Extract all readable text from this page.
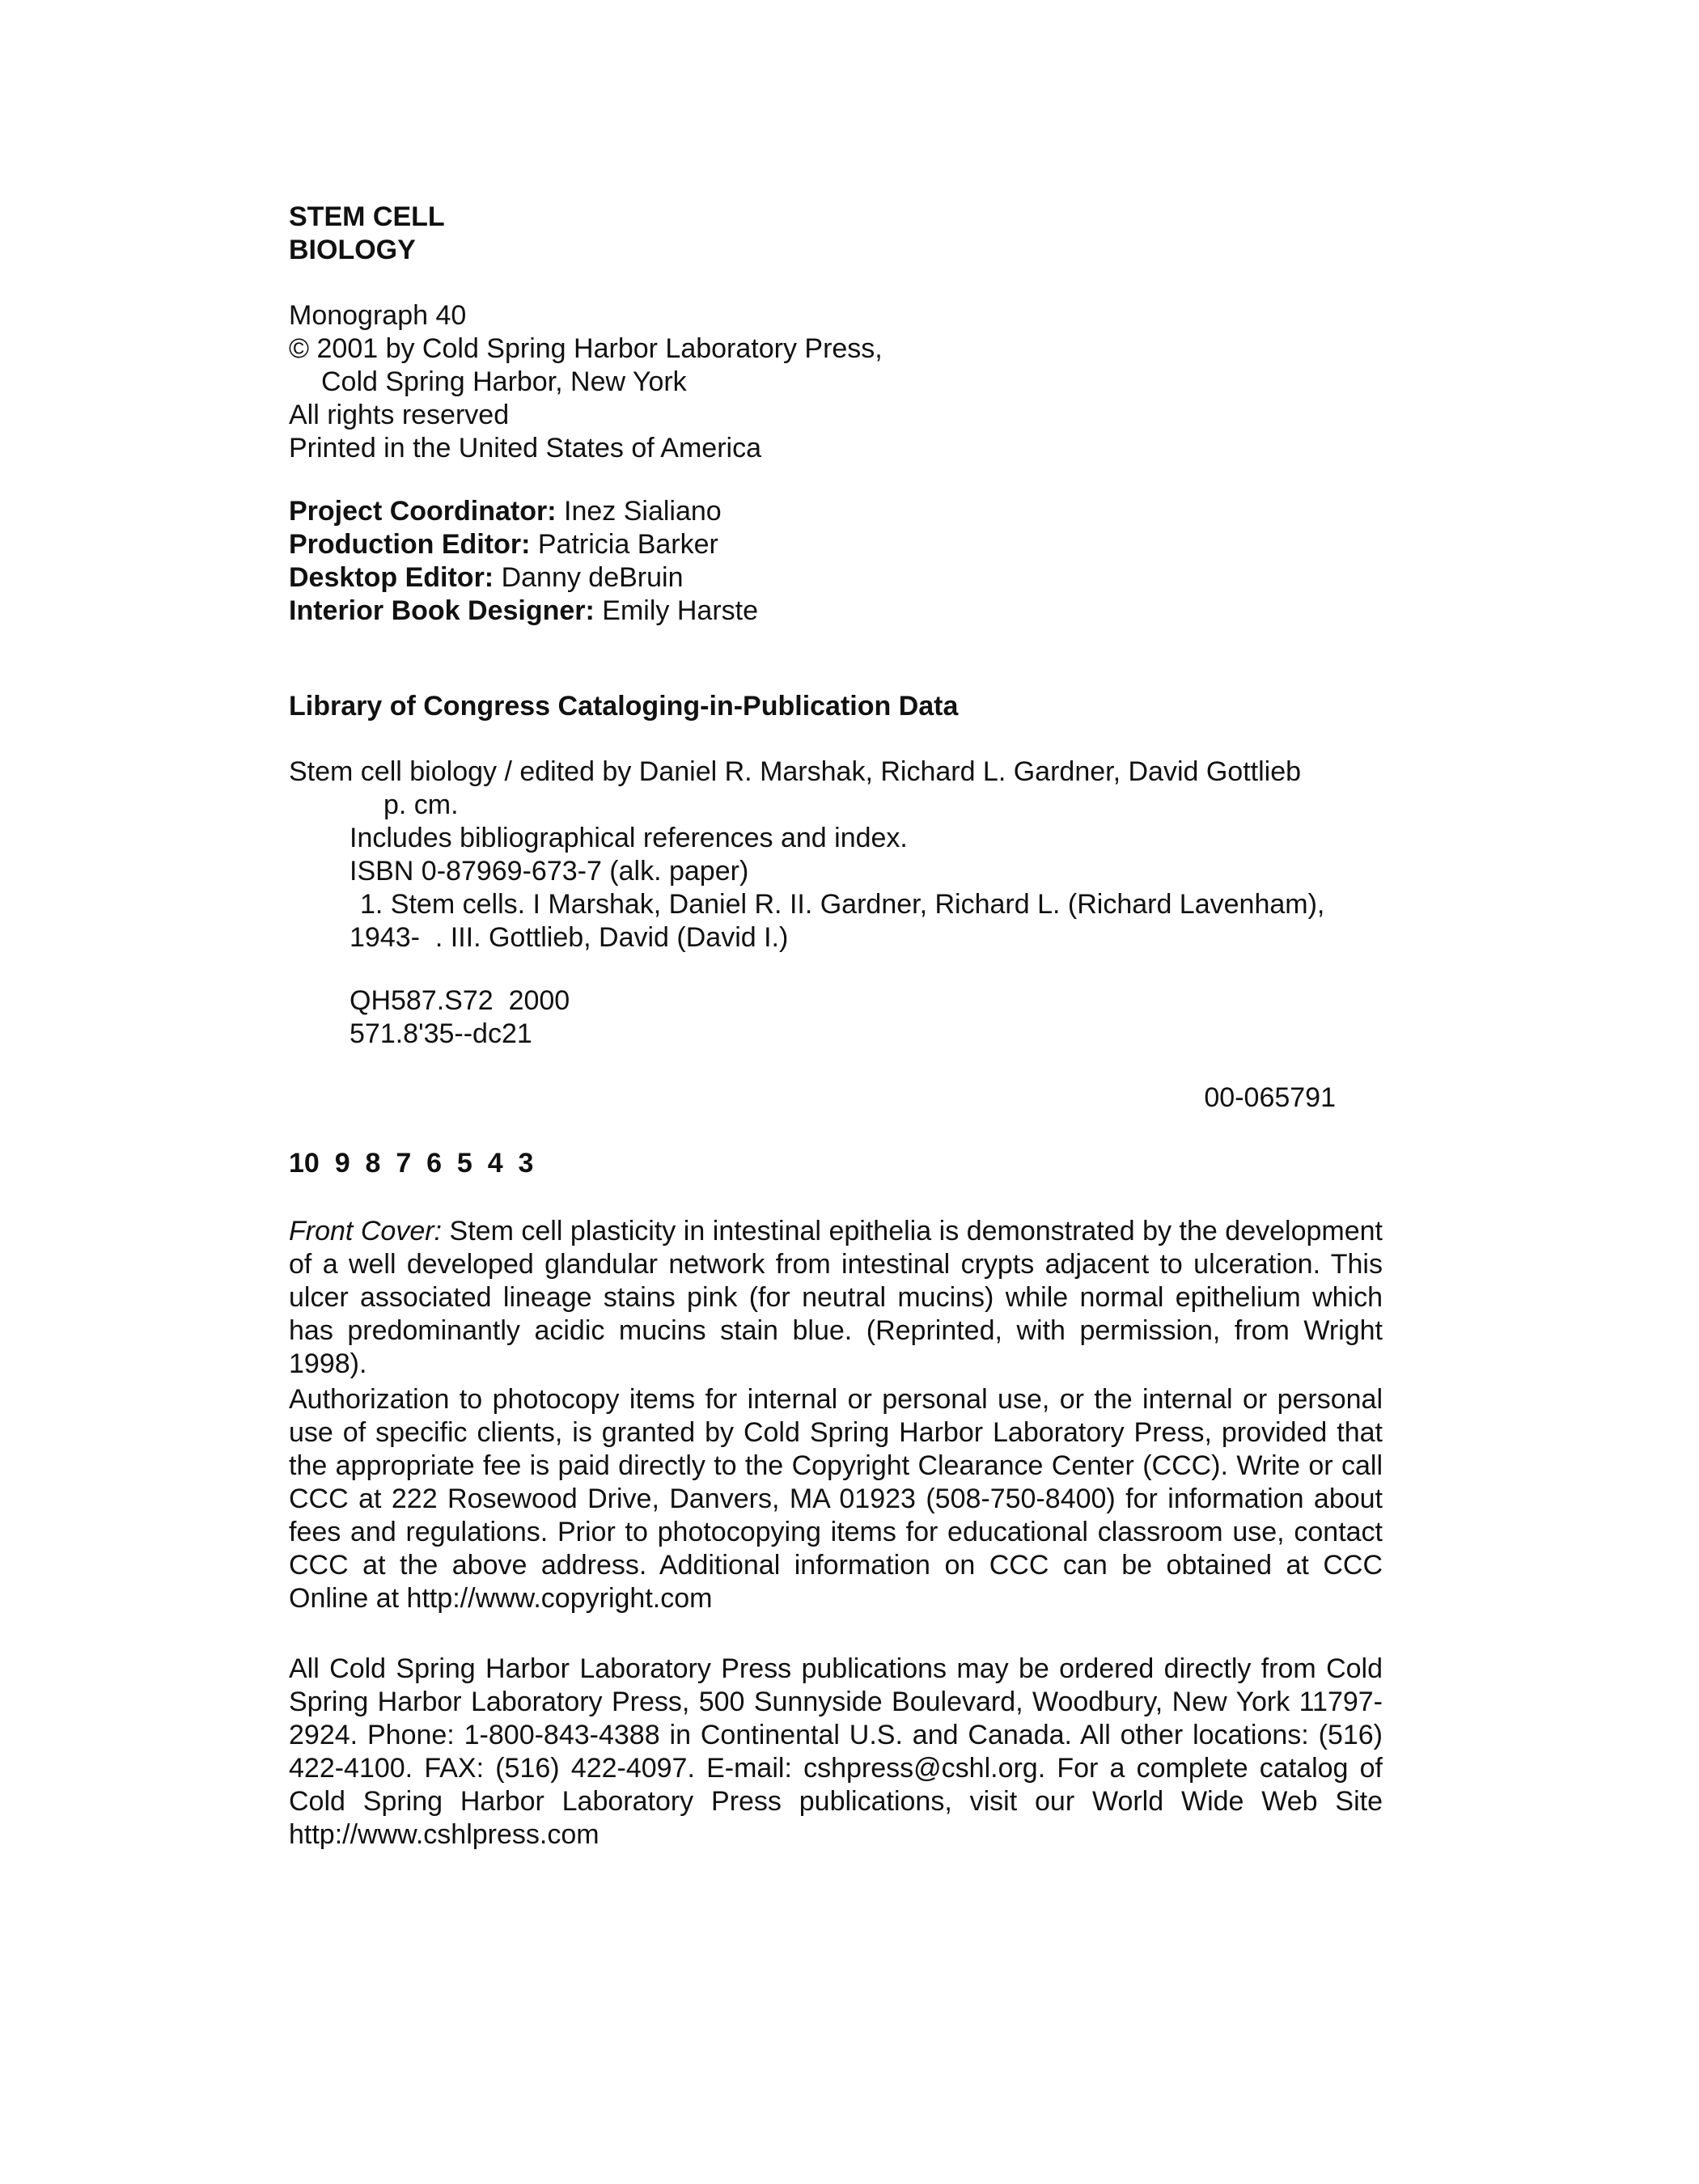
STEM CELL
BIOLOGY
Monograph 40
© 2001 by Cold Spring Harbor Laboratory Press,
Cold Spring Harbor, New York
All rights reserved
Printed in the United States of America
Project Coordinator: Inez Sialiano
Production Editor: Patricia Barker
Desktop Editor: Danny deBruin
Interior Book Designer: Emily Harste
Library of Congress Cataloging-in-Publication Data
Stem cell biology / edited by Daniel R. Marshak, Richard L. Gardner, David Gottlieb
p. cm.
Includes bibliographical references and index.
ISBN 0-87969-673-7 (alk. paper)
1. Stem cells. I Marshak, Daniel R. II. Gardner, Richard L. (Richard Lavenham),
1943-  . III. Gottlieb, David (David I.)
QH587.S72  2000
571.8'35--dc21
00-065791
10  9  8  7  6  5  4  3
Front Cover: Stem cell plasticity in intestinal epithelia is demonstrated by the development of a well developed glandular network from intestinal crypts adjacent to ulceration. This ulcer associated lineage stains pink (for neutral mucins) while normal epithelium which has predominantly acidic mucins stain blue. (Reprinted, with permission, from Wright 1998).
Authorization to photocopy items for internal or personal use, or the internal or personal use of specific clients, is granted by Cold Spring Harbor Laboratory Press, provided that the appropriate fee is paid directly to the Copyright Clearance Center (CCC). Write or call CCC at 222 Rosewood Drive, Danvers, MA 01923 (508-750-8400) for information about fees and regulations. Prior to photocopying items for educational classroom use, contact CCC at the above address. Additional information on CCC can be obtained at CCC Online at http://www.copyright.com
All Cold Spring Harbor Laboratory Press publications may be ordered directly from Cold Spring Harbor Laboratory Press, 500 Sunnyside Boulevard, Woodbury, New York 11797-2924. Phone: 1-800-843-4388 in Continental U.S. and Canada. All other locations: (516) 422-4100. FAX: (516) 422-4097. E-mail: cshpress@cshl.org. For a complete catalog of Cold Spring Harbor Laboratory Press publications, visit our World Wide Web Site http://www.cshlpress.com
